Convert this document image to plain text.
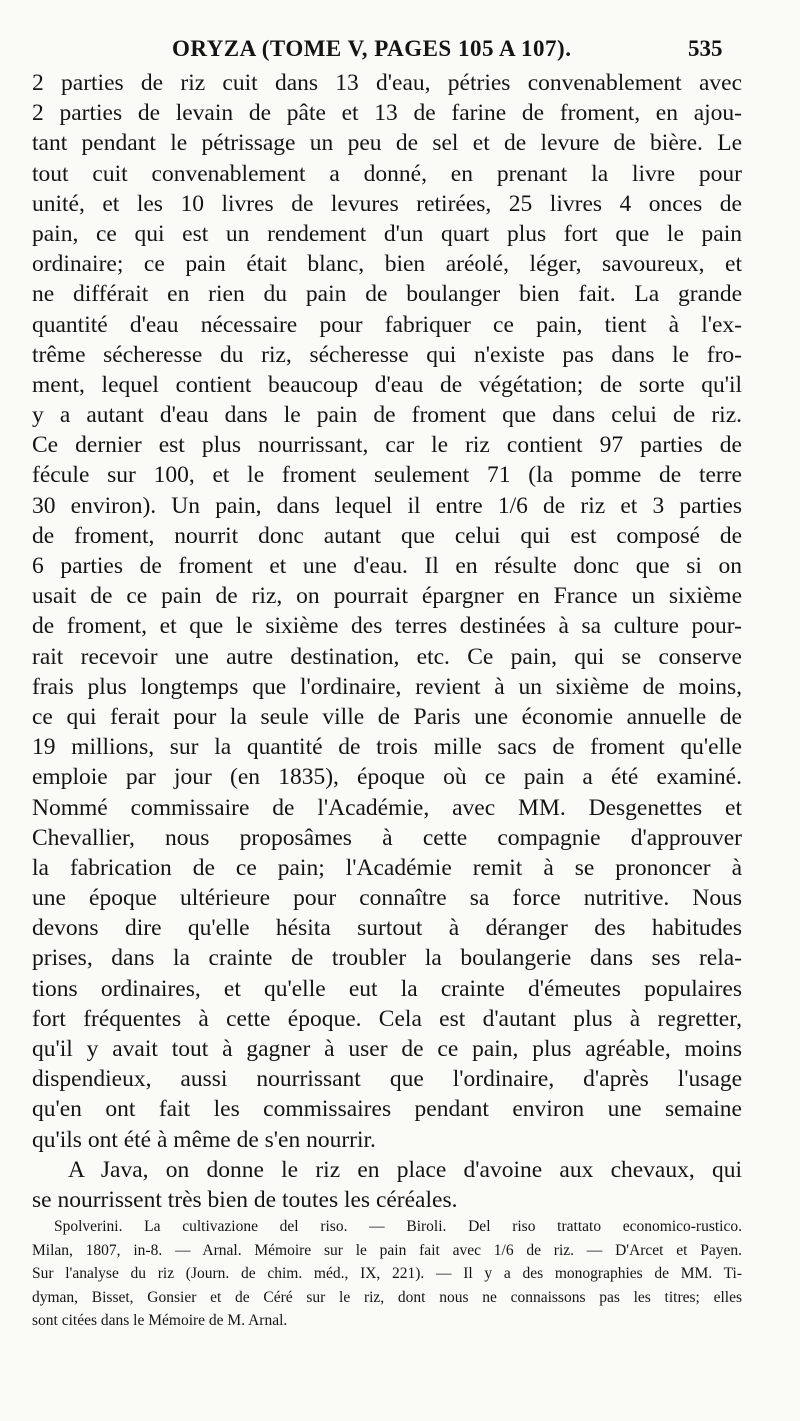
ORYZA (TOME V, PAGES 105 A 107).	535
2 parties de riz cuit dans 13 d'eau, pétries convenablement avec
2 parties de levain de pâte et 13 de farine de froment, en ajou-
tant pendant le pétrissage un peu de sel et de levure de bière. Le
tout cuit convenablement a donné, en prenant la livre pour
unité, et les 10 livres de levures retirées, 25 livres 4 onces de
pain, ce qui est un rendement d'un quart plus fort que le pain
ordinaire; ce pain était blanc, bien aréolé, léger, savoureux, et
ne différait en rien du pain de boulanger bien fait. La grande
quantité d'eau nécessaire pour fabriquer ce pain, tient à l'ex-
trême sécheresse du riz, sécheresse qui n'existe pas dans le fro-
ment, lequel contient beaucoup d'eau de végétation; de sorte qu'il
y a autant d'eau dans le pain de froment que dans celui de riz.
Ce dernier est plus nourrissant, car le riz contient 97 parties de
fécule sur 100, et le froment seulement 71 (la pomme de terre
30 environ). Un pain, dans lequel il entre 1/6 de riz et 3 parties
de froment, nourrit donc autant que celui qui est composé de
6 parties de froment et une d'eau. Il en résulte donc que si on
usait de ce pain de riz, on pourrait épargner en France un sixième
de froment, et que le sixième des terres destinées à sa culture pour-
rait recevoir une autre destination, etc. Ce pain, qui se conserve
frais plus longtemps que l'ordinaire, revient à un sixième de moins,
ce qui ferait pour la seule ville de Paris une économie annuelle de
19 millions, sur la quantité de trois mille sacs de froment qu'elle
emploie par jour (en 1835), époque où ce pain a été examiné.
Nommé commissaire de l'Académie, avec MM. Desgenettes et
Chevallier, nous proposâmes à cette compagnie d'approuver
la fabrication de ce pain; l'Académie remit à se prononcer à
une époque ultérieure pour connaître sa force nutritive. Nous
devons dire qu'elle hésita surtout à déranger des habitudes
prises, dans la crainte de troubler la boulangerie dans ses rela-
tions ordinaires, et qu'elle eut la crainte d'émeutes populaires
fort fréquentes à cette époque. Cela est d'autant plus à regretter,
qu'il y avait tout à gagner à user de ce pain, plus agréable, moins
dispendieux, aussi nourrissant que l'ordinaire, d'après l'usage
qu'en ont fait les commissaires pendant environ une semaine
qu'ils ont été à même de s'en nourrir.
A Java, on donne le riz en place d'avoine aux chevaux, qui
se nourrissent très bien de toutes les céréales.
Spolverini. La cultivazione del riso. — Biroli. Del riso trattato economico-rustico.
Milan, 1807, in-8. — Arnal. Mémoire sur le pain fait avec 1/6 de riz. — D'Arcet et Payen.
Sur l'analyse du riz (Journ. de chim. méd., IX, 221). — Il y a des monographies de MM. Ti-
dyman, Bisset, Gonsier et de Céré sur le riz, dont nous ne connaissons pas les titres; elles
sont citées dans le Mémoire de M. Arnal.
